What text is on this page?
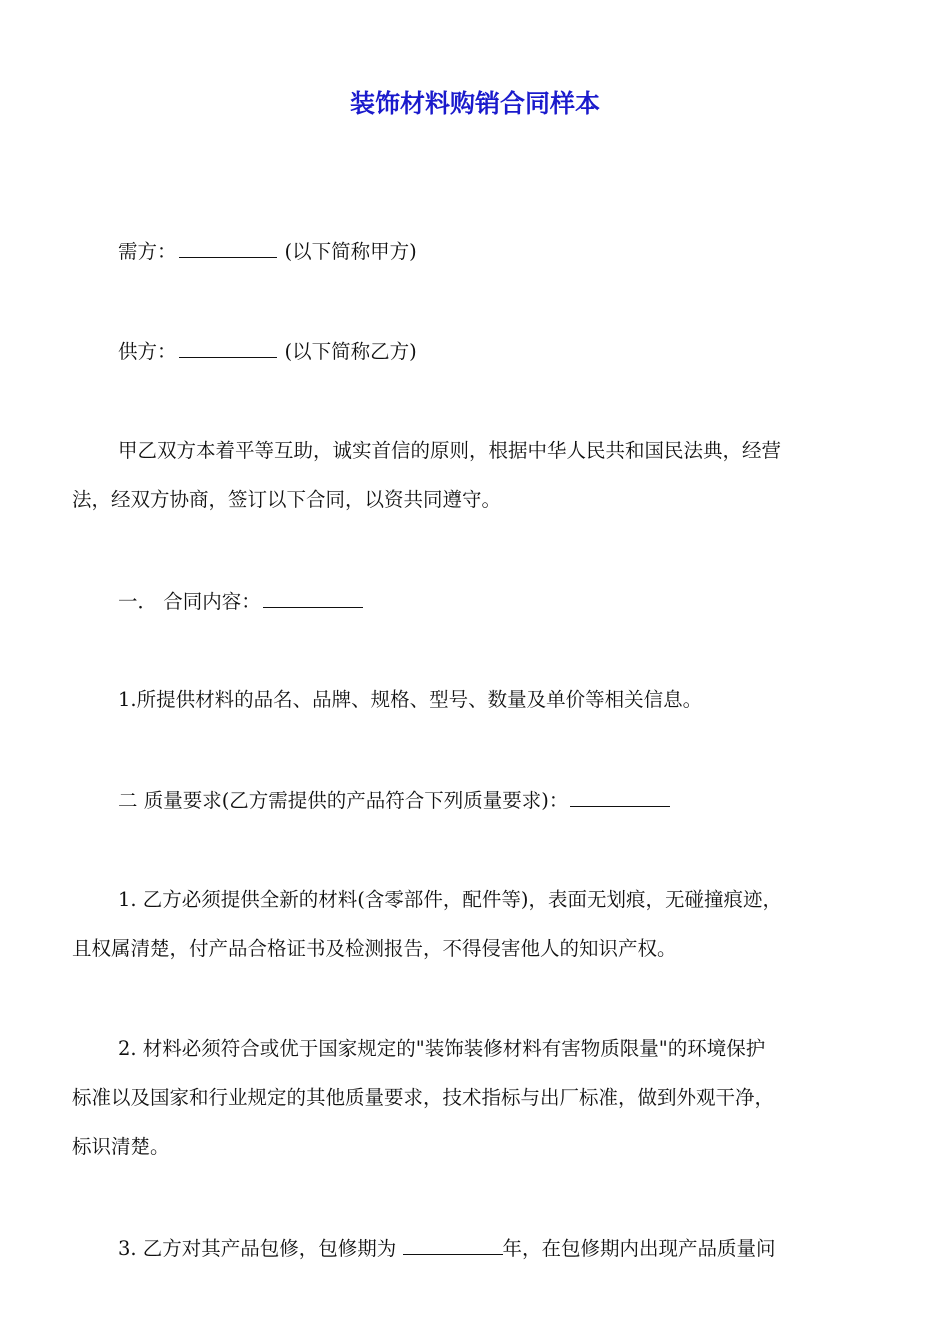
装饰材料购销合同样本

需方：	(以下简称甲方)

供方：	(以下简称乙方)

甲乙双方本着平等互助，诚实首信的原则，根据中华人民共和国民法典，经营

法，经双方协商，签订以下合同，以资共同遵守。

一． 合同内容：

1.所提供材料的品名、品牌、规格、型号、数量及单价等相关信息。

二 质量要求(乙方需提供的产品符合下列质量要求)：

1. 乙方必须提供全新的材料(含零部件，配件等)，表面无划痕，无碰撞痕迹，

且权属清楚，付产品合格证书及检测报告，不得侵害他人的知识产权。

2. 材料必须符合或优于国家规定的"装饰装修材料有害物质限量"的环境保护

标准以及国家和行业规定的其他质量要求，技术指标与出厂标准，做到外观干净，

标识清楚。

3. 乙方对其产品包修，包修期为	年，在包修期内出现产品质量问
